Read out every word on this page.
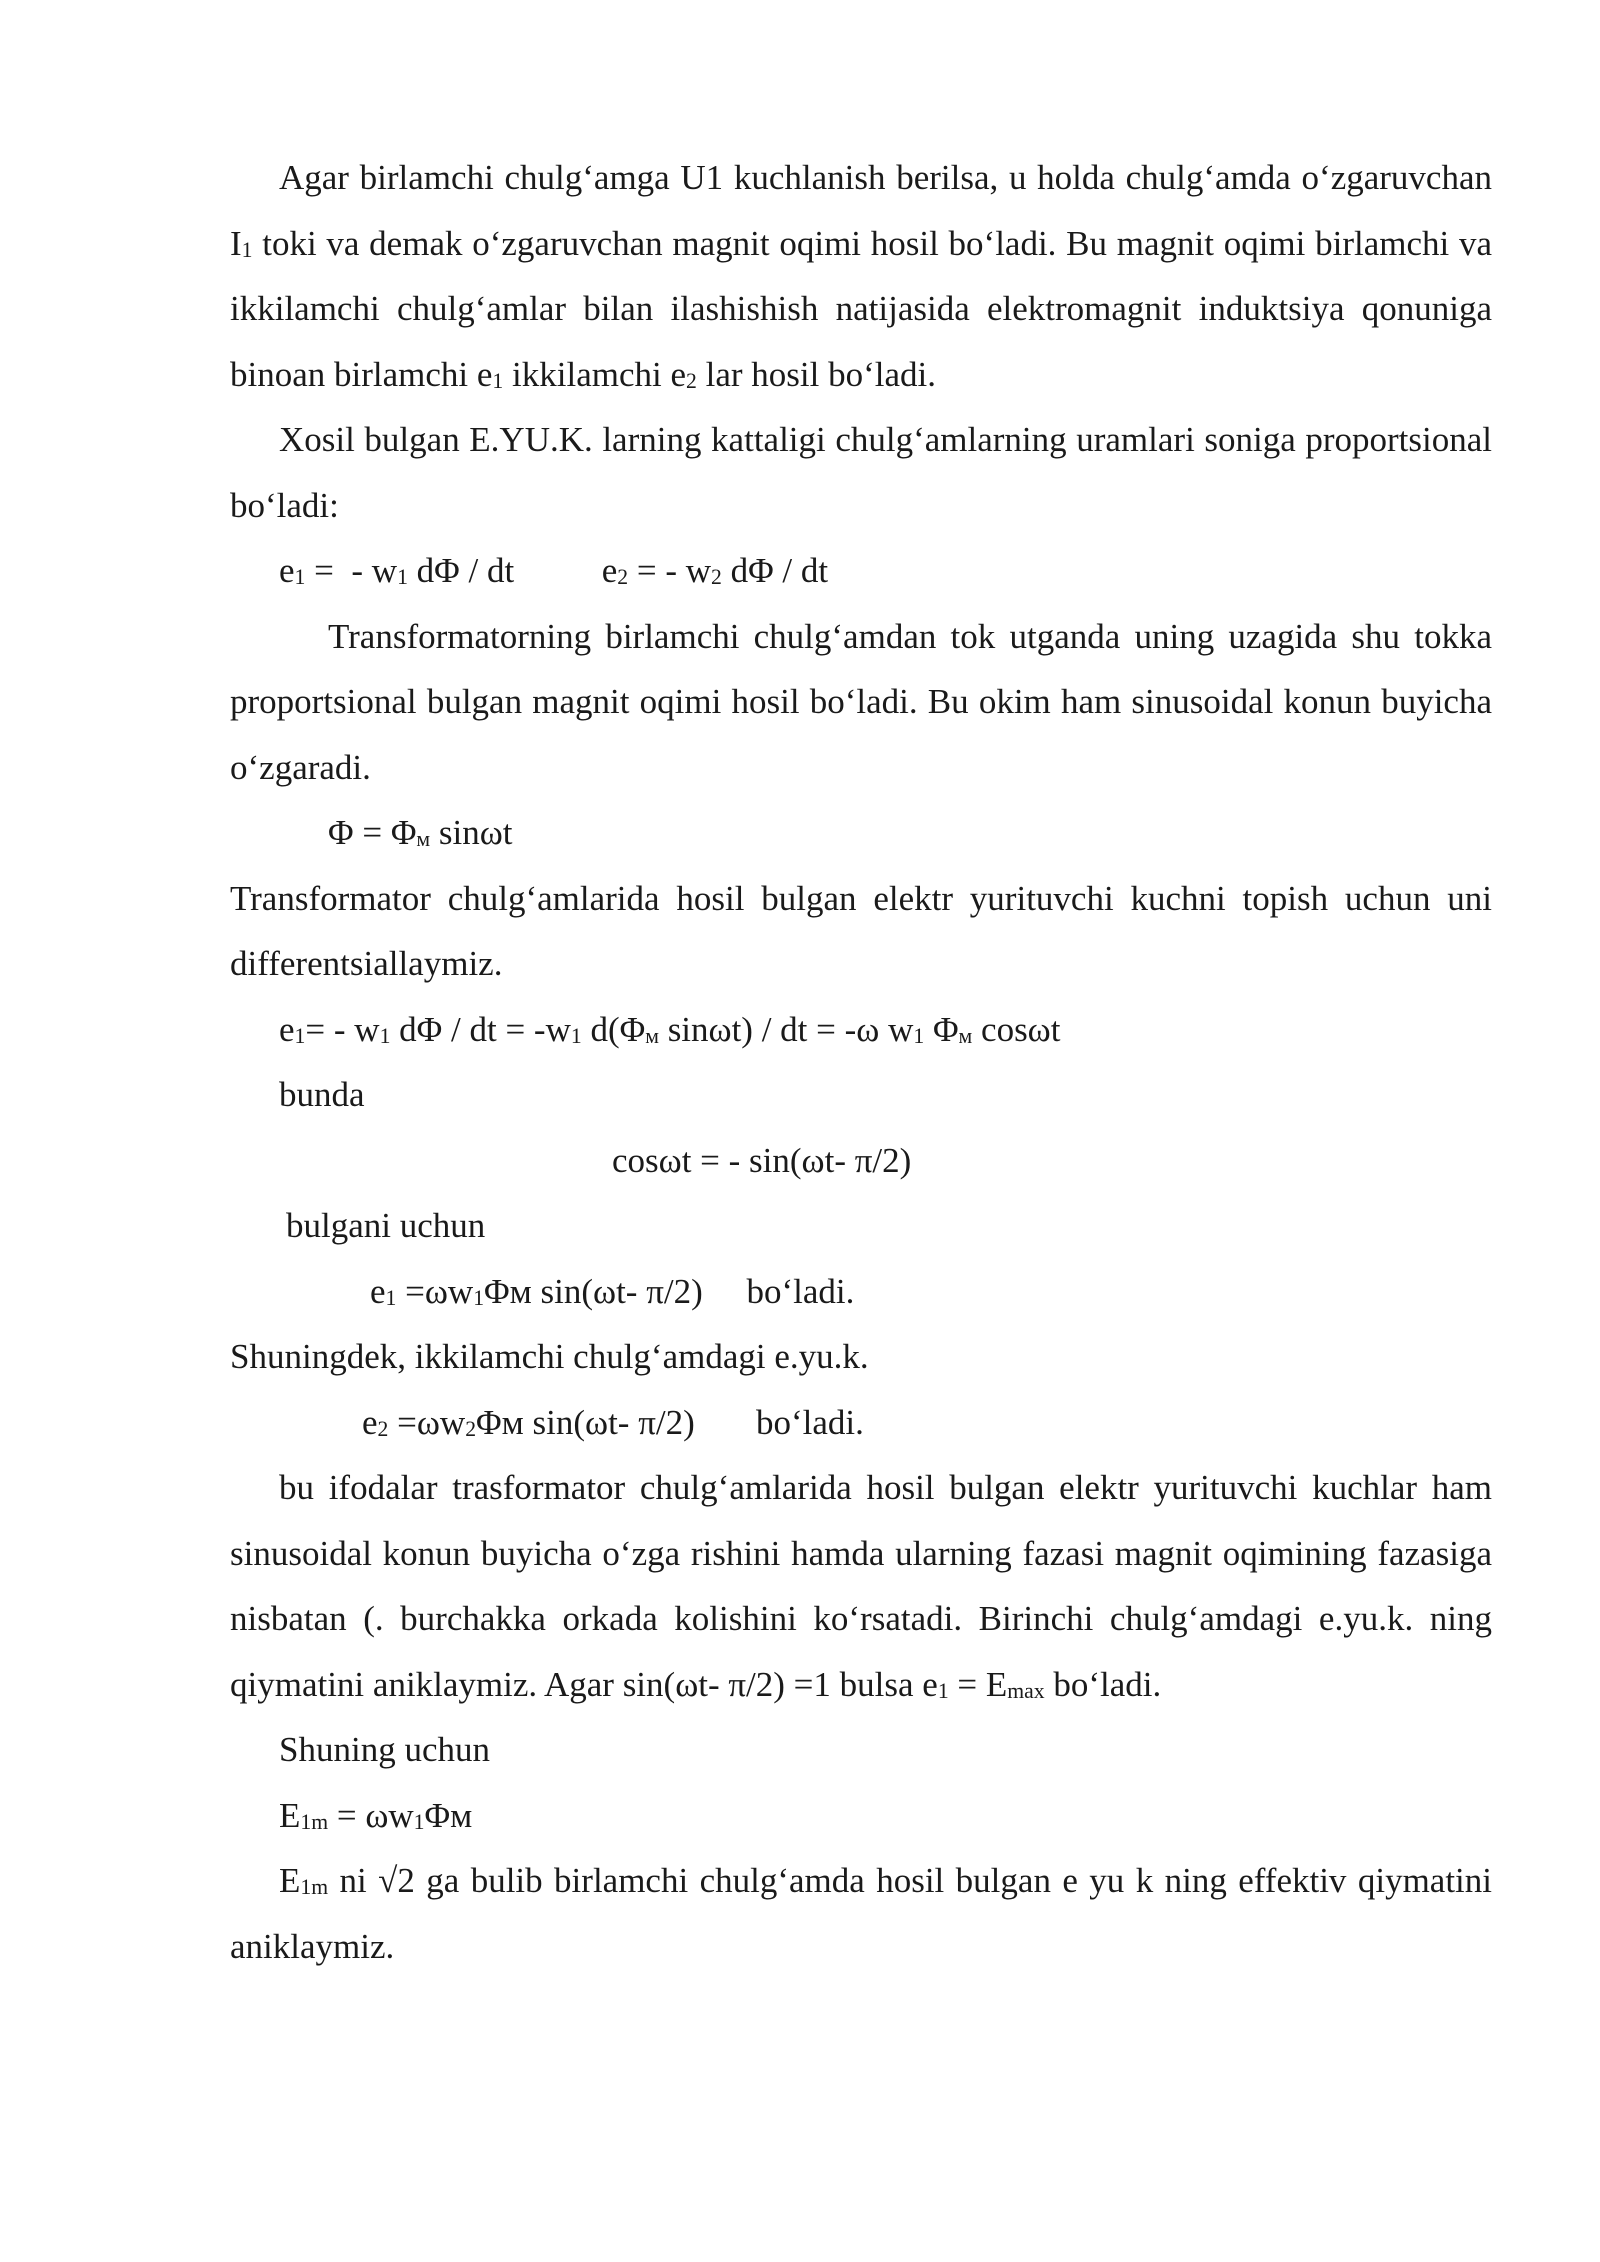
Agar birlamchi chulg‘amga U1 kuchlanish berilsa, u holda chulg‘amda o‘zgaruvchan $I_1$ toki va demak o‘zgaruvchan magnit oqimi hosil bo‘ladi. Bu magnit oqimi birlamchi va ikkilamchi chulg‘amlar bilan ilashishish natijasida elektromagnit induktsiya qonuniga binoan birlamchi $e_1$ ikkilamchi $e_2$ lar hosil bo‘ladi.

Xosil bulgan E.YU.K. larning kattaligi chulg‘amlarning uramlari soniga proportsional bo‘ladi:

$e_1$ =  - $w_1$ dΦ / dt          $e_2$ = - $w_2$ dΦ / dt

Transformatorning birlamchi chulg‘amdan tok utganda uning uzagida shu tokka proportsional bulgan magnit oqimi hosil bo‘ladi. Bu okim ham sinusoidal konun buyicha o‘zgaradi.

$\Phi = \Phi_м$ sinωt

Transformator chulg‘amlarida hosil bulgan elektr yurituvchi kuchni topish uchun uni differentsiallaymiz.

$e_1= - w_1$ dΦ / dt = $-w_1$ $d(\Phi_м$ sinωt) / dt = -ω $w_1$ $\Phi_м$ cosωt

bunda

cosωt = - sin(ωt- π/2)

bulgani uchun

$e_1 =\omega w_1\Phi м$ sin(ωt- π/2)     bo‘ladi.

Shuningdek, ikkilamchi chulg‘amdagi e.yu.k.

$e_2 =\omega w_2\Phi м$ sin(ωt- π/2)       bo‘ladi.

bu ifodalar trasformator chulg‘amlarida hosil bulgan elektr yurituvchi kuchlar ham sinusoidal konun buyicha o‘zga rishini hamda ularning fazasi magnit oqimining fazasiga nisbatan (. burchakka orkada kolishini ko‘rsatadi. Birinchi chulg‘amdagi e.yu.k. ning qiymatini aniklaymiz. Agar sin(ωt- π/2) =1 bulsa $e_1 = E_{max}$ bo‘ladi.

Shuning uchun

$E_{1m} = \omega w_1\Phi м$

$E_{1m}$ ni √2 ga bulib birlamchi chulg‘amda hosil bulgan e yu k ning effektiv qiymatini aniklaymiz.
